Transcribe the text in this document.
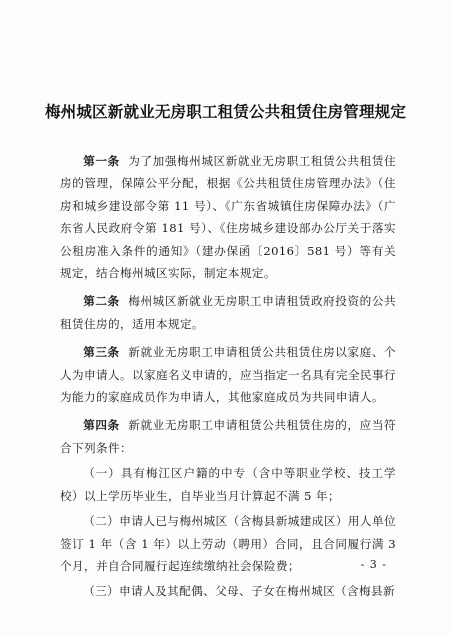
梅州城区新就业无房职工租赁公共租赁住房管理规定

第一条 为了加强梅州城区新就业无房职工租赁公共租赁住房的管理，保障公平分配，根据《公共租赁住房管理办法》（住房和城乡建设部令第 11 号）、《广东省城镇住房保障办法》（广东省人民政府令第 181 号）、《住房城乡建设部办公厅关于落实公租房准入条件的通知》（建办保函〔2016〕581 号）等有关规定，结合梅州城区实际，制定本规定。

第二条 梅州城区新就业无房职工申请租赁政府投资的公共租赁住房的，适用本规定。

第三条 新就业无房职工申请租赁公共租赁住房以家庭、个人为申请人。以家庭名义申请的，应当指定一名具有完全民事行为能力的家庭成员作为申请人，其他家庭成员为共同申请人。

第四条 新就业无房职工申请租赁公共租赁住房的，应当符合下列条件：

（一）具有梅江区户籍的中专（含中等职业学校、技工学校）以上学历毕业生，自毕业当月计算起不满 5 年；

（二）申请人已与梅州城区（含梅县新城建成区）用人单位签订 1 年（含 1 年）以上劳动（聘用）合同，且合同履行满 3 个月，并自合同履行起连续缴纳社会保险费；

（三）申请人及其配偶、父母、子女在梅州城区（含梅县新

- 3 -
